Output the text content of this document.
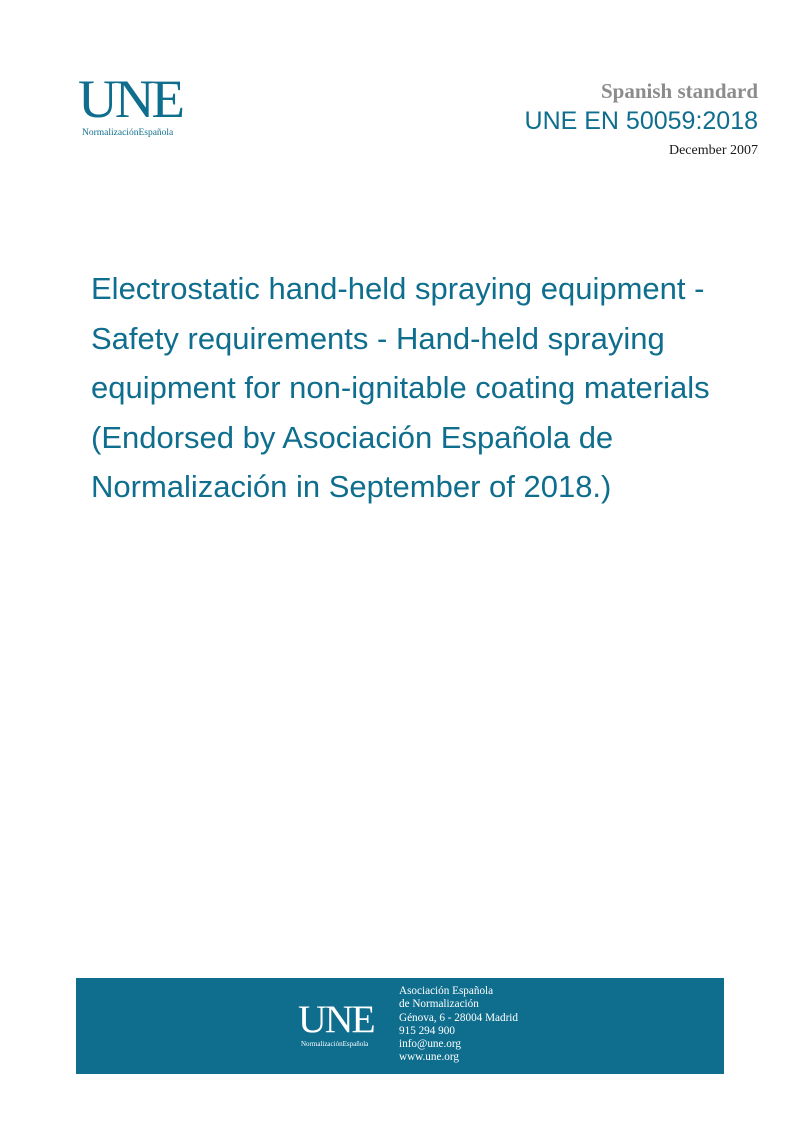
UNE
NormalizaciónEspañola
Spanish standard
UNE EN 50059:2018
December 2007
Electrostatic hand-held spraying equipment - Safety requirements - Hand-held spraying equipment for non-ignitable coating materials (Endorsed by Asociación Española de Normalización in September of 2018.)
UNE
NormalizaciónEspañola
Asociación Española
de Normalización
Génova, 6 - 28004 Madrid
915 294 900
info@une.org
www.une.org
